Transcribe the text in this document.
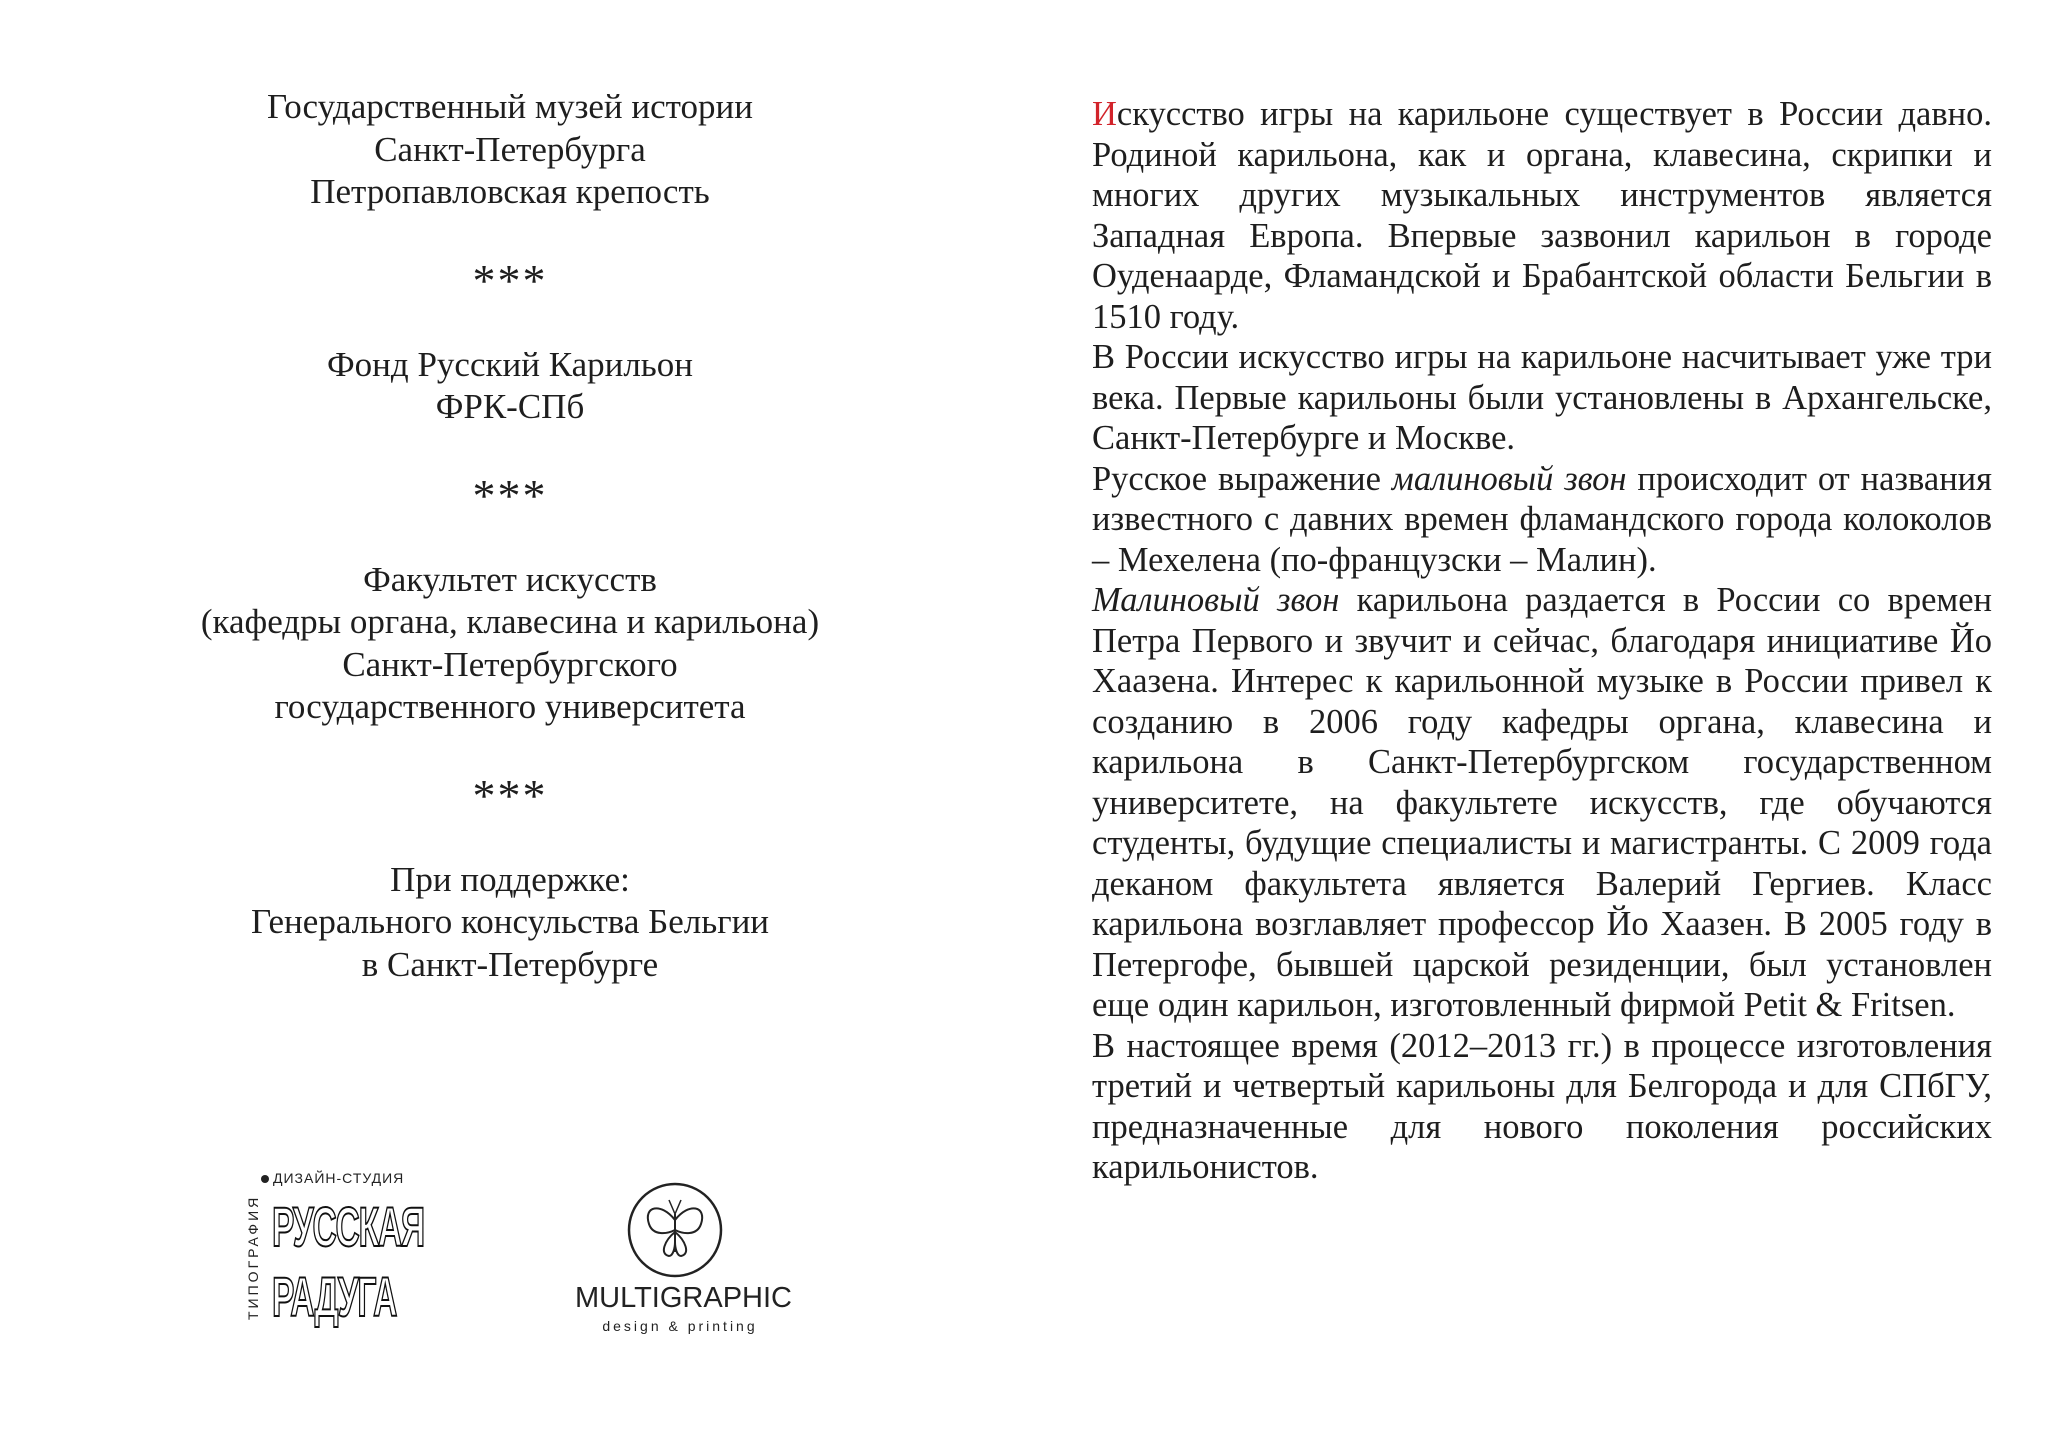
Государственный музей истории
Санкт-Петербурга
Петропавловская крепость
***
Фонд Русский Карильон
ФРК-СПб
***
Факультет искусств
(кафедры органа, клавесина и карильона)
Санкт-Петербургского
государственного университета
***
При поддержке:
Генерального консульства Бельгии
в Санкт-Петербурге
ТИПОГРАФИЯ
ДИЗАЙН-СТУДИЯ
РУССКАЯ
РАДУГА	MULTIGRAPHIC
design & printing

Искусство игры на карильоне существует в России давно. Родиной карильона, как и органа, клавесина, скрипки и многих других музыкальных инструментов является Западная Европа. Впервые зазвонил карильон в городе Оуденаарде, Фламандской и Брабантской области Бельгии в 1510 году.

В России искусство игры на карильоне насчитывает уже три века. Первые карильоны были установлены в Архангельске, Санкт-Петербурге и Москве.

Русское выражение малиновый звон происходит от названия известного с давних времен фламандского города колоколов – Мехелена (по-французски – Малин).

Малиновый звон карильона раздается в России со времен Петра Первого и звучит и сейчас, благодаря инициативе Йо Хаазена. Интерес к карильонной музыке в России привел к созданию в 2006 году кафедры органа, клавесина и карильона в Санкт-Петербургском государственном университете, на факультете искусств, где обучаются студенты, будущие специалисты и магистранты. С 2009 года деканом факультета является Валерий Гергиев. Класс карильона возглавляет профессор Йо Хаазен. В 2005 году в Петергофе, бывшей царской резиденции, был установлен еще один карильон, изготовленный фирмой Petit & Fritsen.

В настоящее время (2012–2013 гг.) в процессе изготовления третий и четвертый карильоны для Белгорода и для СПбГУ, предназначенные для нового поколения российских карильонистов.
